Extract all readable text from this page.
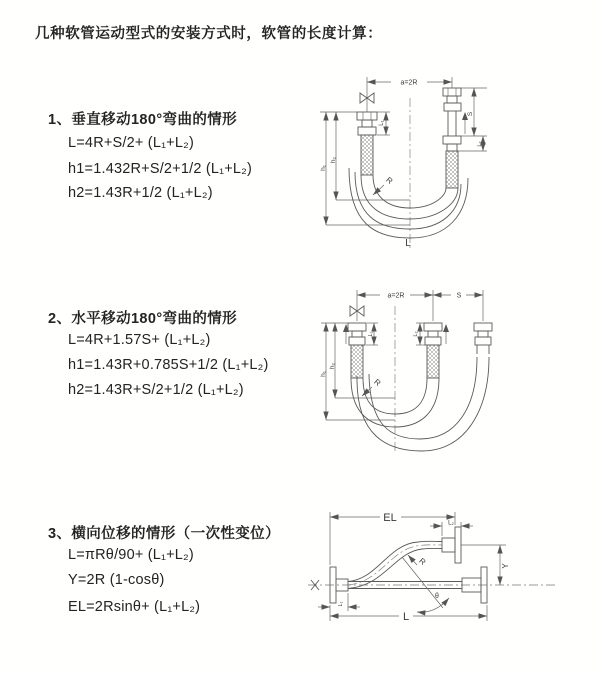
几种软管运动型式的安装方式时，软管的长度计算：
1、垂直移动180°弯曲的情形
L=4R+S/2+ (L₁+L₂)
h1=1.432R+S/2+1/2 (L₁+L₂)
h2=1.43R+1/2 (L₁+L₂)
2、水平移动180°弯曲的情形
L=4R+1.57S+ (L₁+L₂)
h1=1.43R+0.785S+1/2 (L₁+L₂)
h2=1.43R+S/2+1/2 (L₁+L₂)
3、横向位移的情形（一次性变位）
L=πRθ/90+ (L₁+L₂)
Y=2R (1-cosθ)
EL=2Rsinθ+ (L₁+L₂)
a=2R
L₁
h₁
h₂
S
L₂
R
L
a=2R	S
L₁	L₂
h₁
h₂
R
EL	L₂
Y
θ
R
L
L₁
